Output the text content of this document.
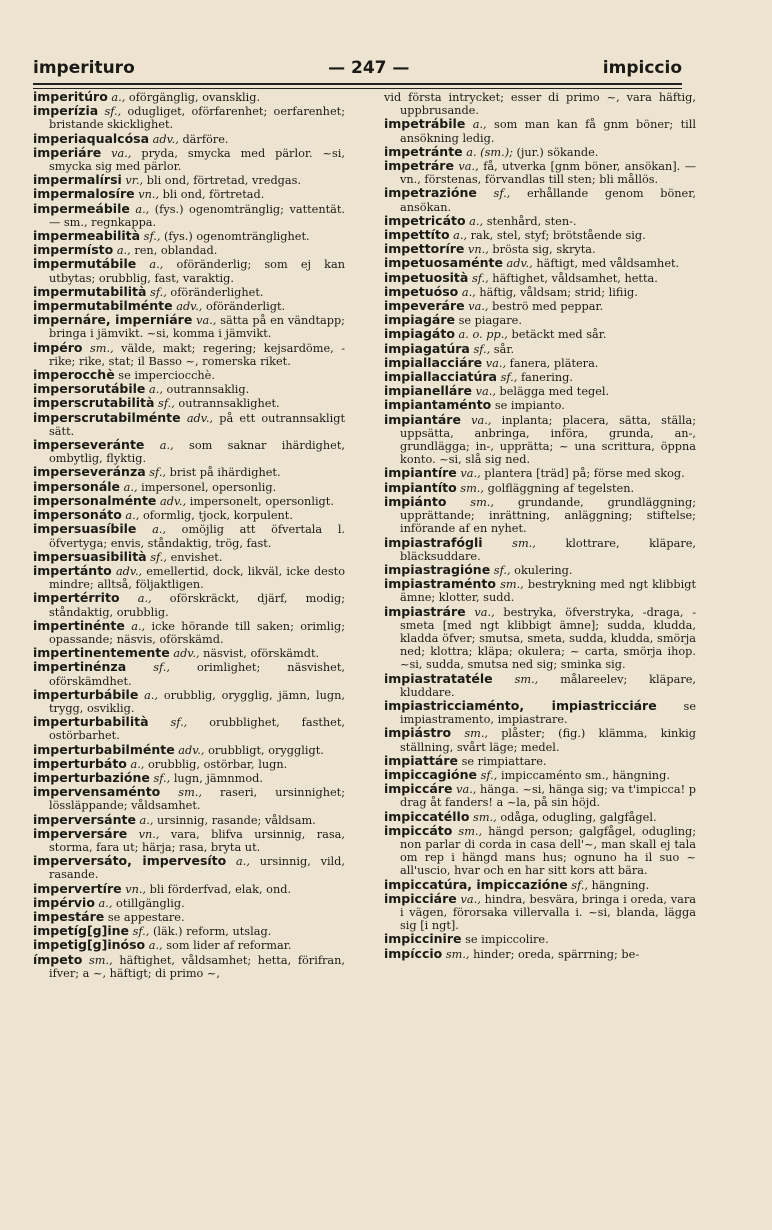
imperituro	— 247 —	impiccio

imperitúro a., oförgänglig, ovansklig.

imperízia sf., odugliget, oförfarenhet; oerfarenhet; bristande skicklighet.

imperiaqualcósa adv., därföre.

imperiáre va., pryda, smycka med pärlor. ~si, smycka sig med pärlor.

impermalírsi vr., bli ond, förtretad, vredgas.

impermalosíre vn., bli ond, förtretad.

impermeábile a., (fys.) ogenomtränglig; vattentät. — sm., regnkappa.

impermeabilità sf., (fys.) ogenomtränglighet.

impermísto a., ren, oblandad.

impermutábile a., oföränderlig; som ej kan utbytas; orubblig, fast, varaktig.

impermutabilità sf., oföränderlighet.

impermutabilménte adv., oföränderligt.

impernáre, imperniáre va., sätta på en vändtapp; bringa i jämvikt. ~si, komma i jämvikt.

impéro sm., välde, makt; regering; kejsardöme, -rike; rike, stat; il Basso ~, romerska riket.

imperocchè se imperciocchè.

impersorutábile a., outrannsaklig.

imperscrutabilità sf., outrannsaklighet.

imperscrutabilménte adv., på ett outrannsakligt sätt.

imperseveránte a., som saknar ihärdighet, ombytlig, flyktig.

imperseveránza sf., brist på ihärdighet.

impersonále a., impersonel, opersonlig.

impersonalménte adv., impersonelt, opersonligt.

impersonáto a., oformlig, tjock, korpulent.

impersuasíbile a., omöjlig att öfvertala l. öfvertyga; envis, ståndaktig, trög, fast.

impersuasibilità sf., envishet.

impertánto adv., emellertid, dock, likväl, icke desto mindre; alltså, följaktligen.

impertérrito a., oförskräckt, djärf, modig; ståndaktig, orubblig.

impertinénte a., icke hörande till saken; orimlig; opassande; näsvis, oförskämd.

impertinentemente adv., näsvist, oförskämdt.

impertinénza sf., orimlighet; näsvishet, oförskämdhet.

imperturbábile a., orubblig, orygglig, jämn, lugn, trygg, osviklig.

imperturbabilità sf., orubblighet, fasthet, ostörbarhet.

imperturbabilménte adv., orubbligt, oryggligt.

imperturbáto a., orubblig, ostörbar, lugn.

imperturbazióne sf., lugn, jämnmod.

impervensaménto sm., raseri, ursinnighet; lössläppande; våldsamhet.

imperversánte a., ursinnig, rasande; våldsam.

imperversáre vn., vara, blifva ursinnig, rasa, storma, fara ut; härja; rasa, bryta ut.

imperversáto, impervesíto a., ursinnig, vild, rasande.

impervertíre vn., bli förderfvad, elak, ond.

impérvio a., otillgänglig.

impestáre se appestare.

impetíg[g]ine sf., (läk.) reform, utslag.

impetig[g]inóso a., som lider af reformar.

ímpeto sm., häftighet, våldsamhet; hetta, förifran, ifver; a ~, häftigt; di primo ~,

vid första intrycket; esser di primo ~, vara häftig, uppbrusande.

impetrábile a., som man kan få gnm böner; till ansökning ledig.

impetránte a. (sm.); (jur.) sökande.

impetráre va., få, utverka [gnm böner, ansökan]. — vn., förstenas, förvandlas till sten; bli mållös.

impetrazióne sf., erhållande genom böner, ansökan.

impetricáto a., stenhård, sten-.

impettíto a., rak, stel, styf; brötstående sig.

impettoríre vn., brösta sig, skryta.

impetuosaménte adv., häftigt, med våldsamhet.

impetuosità sf., häftighet, våldsamhet, hetta.

impetuóso a., häftig, våldsam; strid; lifiig.

impeveráre va., beströ med peppar.

impiagáre se piagare.

impiagáto a. o. pp., betäckt med sår.

impiagatúra sf., sår.

impiallacciáre va., fanera, plätera.

impiallacciatúra sf., fanering.

impianelláre va., belägga med tegel.

impiantaménto se impianto.

impiantáre va., inplanta; placera, sätta, ställa; uppsätta, anbringa, införa, grunda, an-, grundlägga; in-, upprätta; ~ una scrittura, öppna konto. ~si, slå sig ned.

impiantíre va., plantera [träd] på; förse med skog.

impiantíto sm., golfläggning af tegelsten.

impiánto sm., grundande, grundläggning; upprättande; inrättning, anläggning; stiftelse; införande af en nyhet.

impiastrafógli	sm.,	klottrare, kläpare, bläcksuddare.

impiastragióne sf., okulering.

impiastraménto sm., bestrykning med ngt klibbigt ämne; klotter, sudd.

impiastráre va., bestryka, öfverstryka, -draga, -smeta [med ngt klibbigt ämne]; sudda, kludda, kladda öfver; smutsa, smeta, sudda, kludda, smörja ned; klottra; kläpa; okulera; ~ carta, smörja ihop. ~si, sudda, smutsa ned sig; sminka sig.

impiastratatéle sm., målareelev; kläpare, kluddare.

impiastricciaménto, impiastricciáre se impiastramento, impiastrare.

impiástro sm., plåster; (fig.) klämma, kinkig ställning, svårt läge; medel.

impiattáre se rimpiattare.

impiccagióne sf., impiccaménto sm., hängning.

impiccáre va., hänga. ~si, hänga sig; va t'impicca! p drag åt fanders! a ~la, på sin höjd.

impiccatéllo sm., odåga, odugling, galgfågel.

impiccáto sm., hängd person; galgfågel, odugling; non parlar di corda in casa dell'~, man skall ej tala om rep i hängd mans hus; ognuno ha il suo ~ all'uscio, hvar och en har sitt kors att bära.

impiccatúra, impiccazióne sf., hängning.

impicciáre va., hindra, besvära, bringa i oreda, vara i vägen, förorsaka villervalla i. ~si, blanda, lägga sig [i ngt].

impiccinire se impiccolire.

impíccio sm., hinder; oreda, spärrning; be-
